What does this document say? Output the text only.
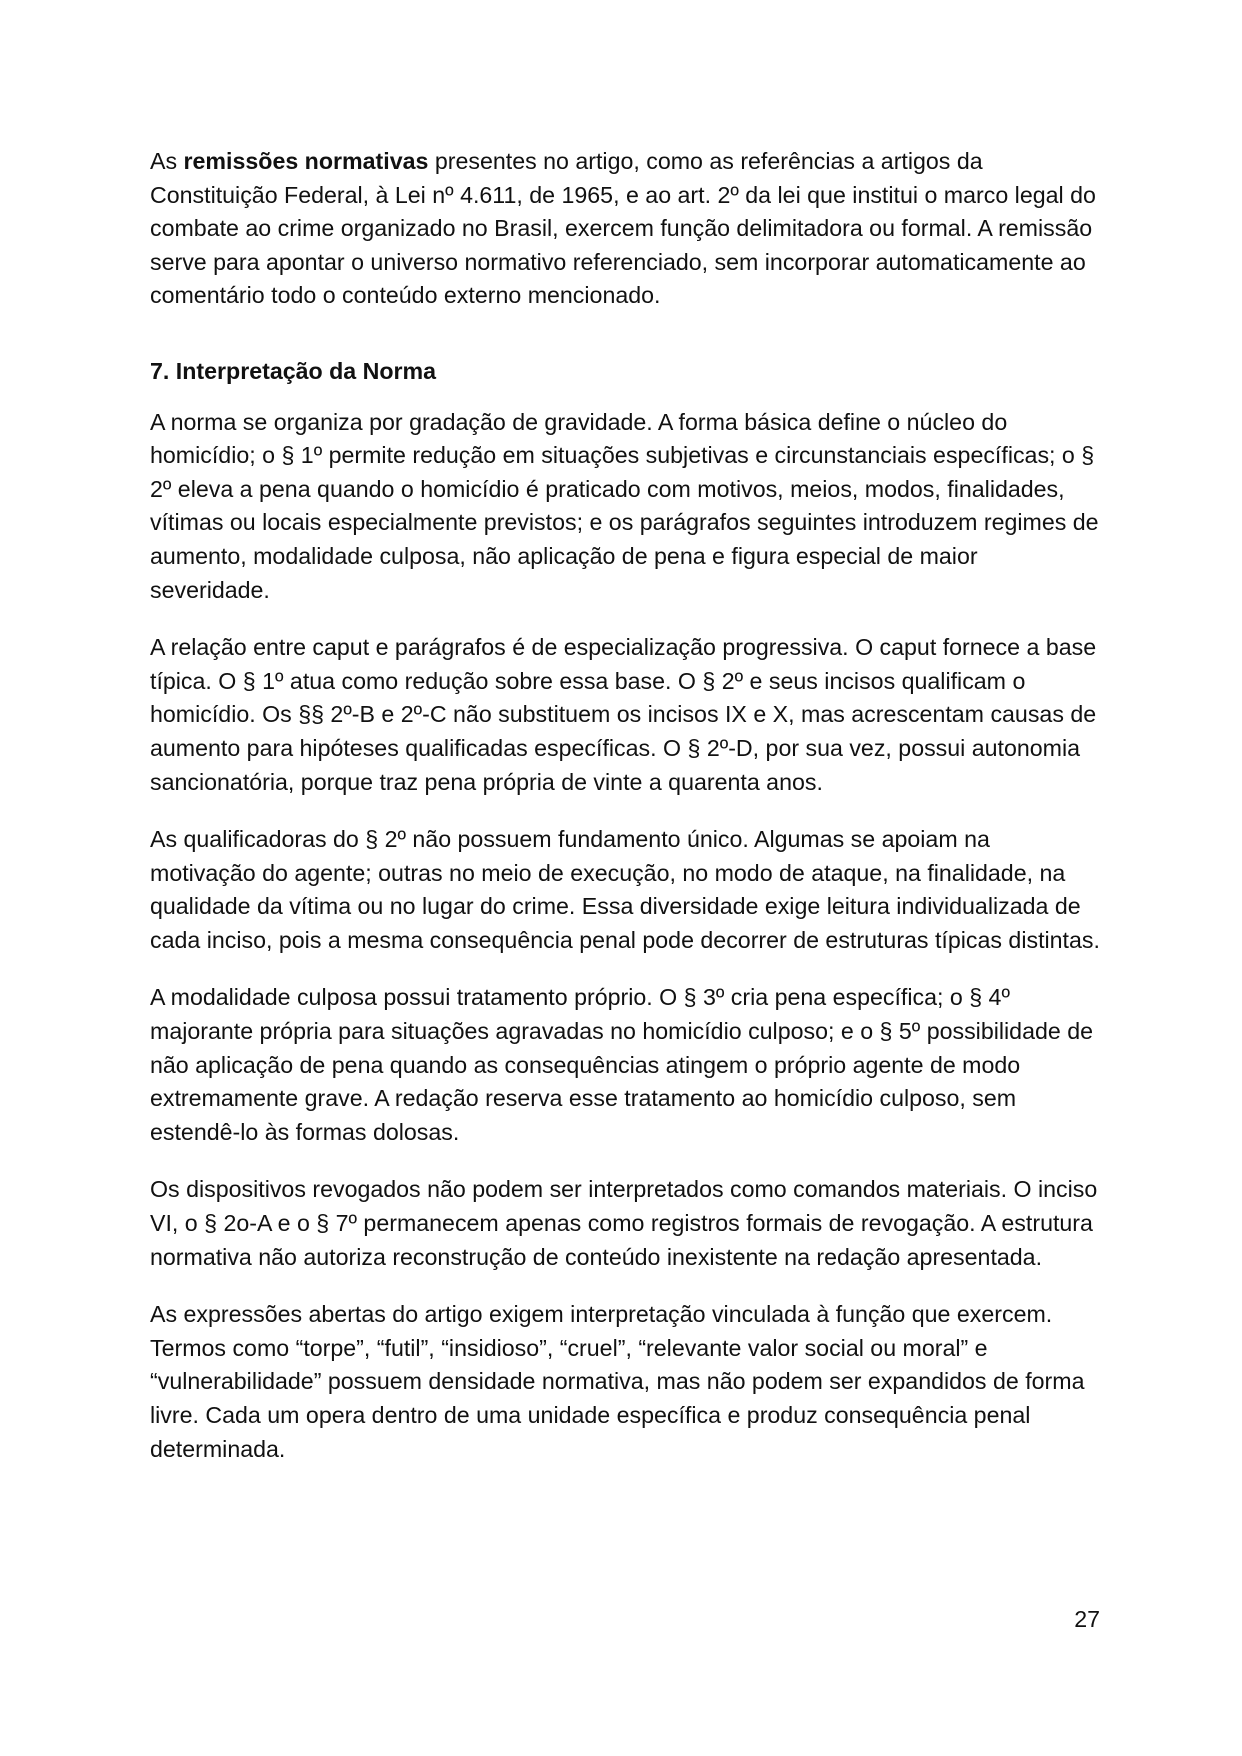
As remissões normativas presentes no artigo, como as referências a artigos da Constituição Federal, à Lei nº 4.611, de 1965, e ao art. 2º da lei que institui o marco legal do combate ao crime organizado no Brasil, exercem função delimitadora ou formal. A remissão serve para apontar o universo normativo referenciado, sem incorporar automaticamente ao comentário todo o conteúdo externo mencionado.

7. Interpretação da Norma

A norma se organiza por gradação de gravidade. A forma básica define o núcleo do homicídio; o § 1º permite redução em situações subjetivas e circunstanciais específicas; o § 2º eleva a pena quando o homicídio é praticado com motivos, meios, modos, finalidades, vítimas ou locais especialmente previstos; e os parágrafos seguintes introduzem regimes de aumento, modalidade culposa, não aplicação de pena e figura especial de maior severidade.

A relação entre caput e parágrafos é de especialização progressiva. O caput fornece a base típica. O § 1º atua como redução sobre essa base. O § 2º e seus incisos qualificam o homicídio. Os §§ 2º-B e 2º-C não substituem os incisos IX e X, mas acrescentam causas de aumento para hipóteses qualificadas específicas. O § 2º-D, por sua vez, possui autonomia sancionatória, porque traz pena própria de vinte a quarenta anos.

As qualificadoras do § 2º não possuem fundamento único. Algumas se apoiam na motivação do agente; outras no meio de execução, no modo de ataque, na finalidade, na qualidade da vítima ou no lugar do crime. Essa diversidade exige leitura individualizada de cada inciso, pois a mesma consequência penal pode decorrer de estruturas típicas distintas.

A modalidade culposa possui tratamento próprio. O § 3º cria pena específica; o § 4º majorante própria para situações agravadas no homicídio culposo; e o § 5º possibilidade de não aplicação de pena quando as consequências atingem o próprio agente de modo extremamente grave. A redação reserva esse tratamento ao homicídio culposo, sem estendê-lo às formas dolosas.

Os dispositivos revogados não podem ser interpretados como comandos materiais. O inciso VI, o § 2o-A e o § 7º permanecem apenas como registros formais de revogação. A estrutura normativa não autoriza reconstrução de conteúdo inexistente na redação apresentada.

As expressões abertas do artigo exigem interpretação vinculada à função que exercem. Termos como “torpe”, “futil”, “insidioso”, “cruel”, “relevante valor social ou moral” e “vulnerabilidade” possuem densidade normativa, mas não podem ser expandidos de forma livre. Cada um opera dentro de uma unidade específica e produz consequência penal determinada.

27
